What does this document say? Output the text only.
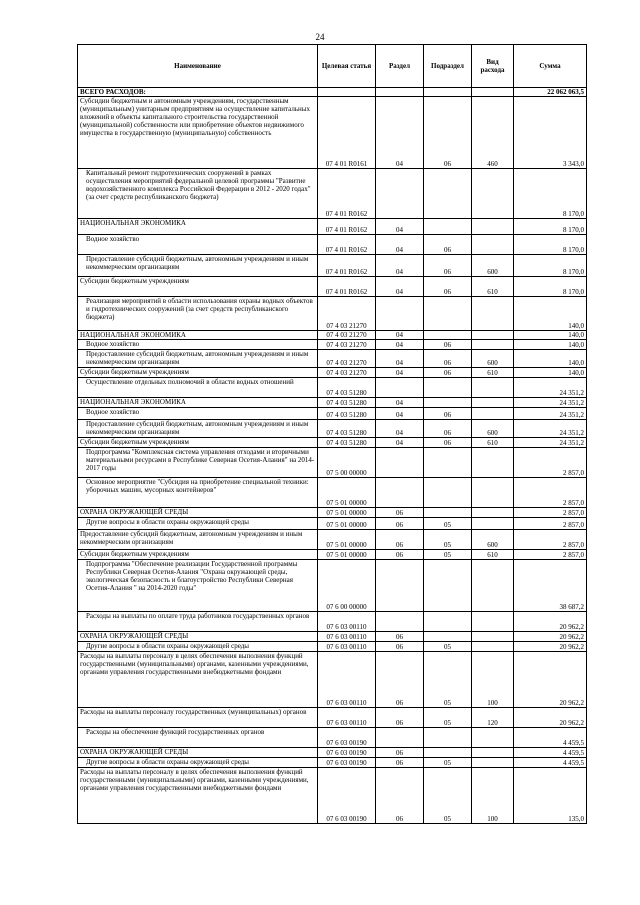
24
Наименование	Целевая статья	Раздел	Подраздел	Вид расхода	Сумма
ВСЕГО РАСХОДОВ:					22 062 063,5
Субсидии бюджетным и автономным учреждениям, государственным (муниципальным) унитарным предприятиям на осуществление капитальных вложений в объекты капитального строительства государственной (муниципальной) собственности или приобретение объектов недвижимого имущества в государственную (муниципальную) собственность	07 4 01 R0161	04	06	460	3 343,0
Капитальный ремонт гидротехнических сооружений в рамках осуществления мероприятий федеральной целевой программы "Развитие водохозяйственного комплекса Российской Федерации в 2012 - 2020 годах" (за счет средств республиканского бюджета)	07 4 01 R0162				8 170,0
НАЦИОНАЛЬНАЯ ЭКОНОМИКА	07 4 01 R0162	04			8 170,0
Водное хозяйство	07 4 01 R0162	04	06		8 170,0
Предоставление субсидий бюджетным, автономным учреждениям и иным некоммерческим организациям	07 4 01 R0162	04	06	600	8 170,0
Субсидии бюджетным учреждениям	07 4 01 R0162	04	06	610	8 170,0
Реализация мероприятий в области использования охраны водных объектов и гидротехнических сооружений (за счет средств республиканского бюджета)	07 4 03 21270				140,0
НАЦИОНАЛЬНАЯ ЭКОНОМИКА	07 4 03 21270	04			140,0
Водное хозяйство	07 4 03 21270	04	06		140,0
Предоставление субсидий бюджетным, автономным учреждениям и иным некоммерческим организациям	07 4 03 21270	04	06	600	140,0
Субсидии бюджетным учреждениям	07 4 03 21270	04	06	610	140,0
Осуществление отдельных полномочий в области водных отношений	07 4 03 51280				24 351,2
НАЦИОНАЛЬНАЯ ЭКОНОМИКА	07 4 03 51280	04			24 351,2
Водное хозяйство	07 4 03 51280	04	06		24 351,2
Предоставление субсидий бюджетным, автономным учреждениям и иным некоммерческим организациям	07 4 03 51280	04	06	600	24 351,2
Субсидии бюджетным учреждениям	07 4 03 51280	04	06	610	24 351,2
Подпрограмма "Комплексная система управления отходами и вторичными материальными ресурсами в Республике Северная Осетия-Алания" на 2014-2017 годы	07 5 00 00000				2 857,0
Основное мероприятие "Субсидия на приобретение специальной техники: уборочных машин, мусорных контейнеров"	07 5 01 00000				2 857,0
ОХРАНА ОКРУЖАЮЩЕЙ СРЕДЫ	07 5 01 00000	06			2 857,0
Другие вопросы в области охраны окружающей среды	07 5 01 00000	06	05		2 857,0
Предоставление субсидий бюджетным, автономным учреждениям и иным некоммерческим организациям	07 5 01 00000	06	05	600	2 857,0
Субсидии бюджетным учреждениям	07 5 01 00000	06	05	610	2 857,0
Подпрограмма "Обеспечение реализации Государственной программы Республики Северная Осетия-Алания "Охрана окружающей среды, экологическая безопасность и благоустройство Республики Северная Осетия-Алания " на 2014-2020 годы"	07 6 00 00000				38 687,2
Расходы на выплаты по оплате труда работников государственных органов	07 6 03 00110				20 962,2
ОХРАНА ОКРУЖАЮЩЕЙ СРЕДЫ	07 6 03 00110	06			20 962,2
Другие вопросы в области охраны окружающей среды	07 6 03 00110	06	05		20 962,2
Расходы на выплаты персоналу в целях обеспечения выполнения функций государственными (муниципальными) органами, казенными учреждениями, органами управления государственными внебюджетными фондами	07 6 03 00110	06	05	100	20 962,2
Расходы на выплаты персоналу государственных (муниципальных) органов	07 6 03 00110	06	05	120	20 962,2
Расходы на обеспечение функций государственных органов	07 6 03 00190				4 459,5
ОХРАНА ОКРУЖАЮЩЕЙ СРЕДЫ	07 6 03 00190	06			4 459,5
Другие вопросы в области охраны окружающей среды	07 6 03 00190	06	05		4 459,5
Расходы на выплаты персоналу в целях обеспечения выполнения функций государственными (муниципальными) органами, казенными учреждениями, органами управления государственными внебюджетными фондами	07 6 03 00190	06	05	100	135,0
